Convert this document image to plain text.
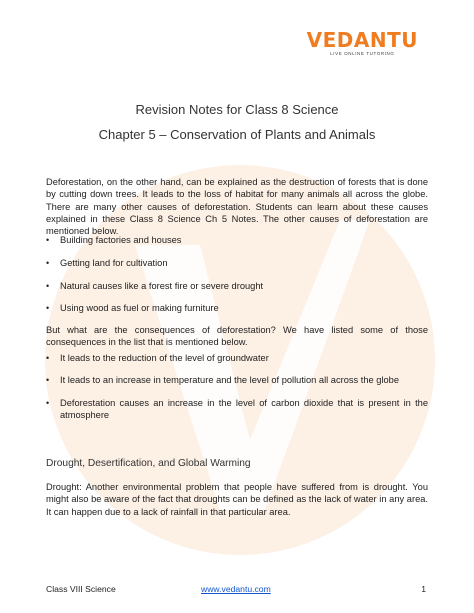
VEDANTU
LIVE ONLINE TUTORING
Revision Notes for Class 8 Science
Chapter 5 – Conservation of Plants and Animals

Deforestation, on the other hand, can be explained as the destruction of forests that is done by cutting down trees. It leads to the loss of habitat for many animals all across the globe. There are many other causes of deforestation. Students can learn about these causes explained in these Class 8 Science Ch 5 Notes. The other causes of deforestation are mentioned below.

• Building factories and houses
• Getting land for cultivation
• Natural causes like a forest fire or severe drought
• Using wood as fuel or making furniture

But what are the consequences of deforestation? We have listed some of those consequences in the list that is mentioned below.

• It leads to the reduction of the level of groundwater
• It leads to an increase in temperature and the level of pollution all across the globe
• Deforestation causes an increase in the level of carbon dioxide that is present in the atmosphere
Drought, Desertification, and Global Warming

Drought: Another environmental problem that people have suffered from is drought. You might also be aware of the fact that droughts can be defined as the lack of water in any area. It can happen due to a lack of rainfall in that particular area.

Class VIII Science	www.vedantu.com	1
